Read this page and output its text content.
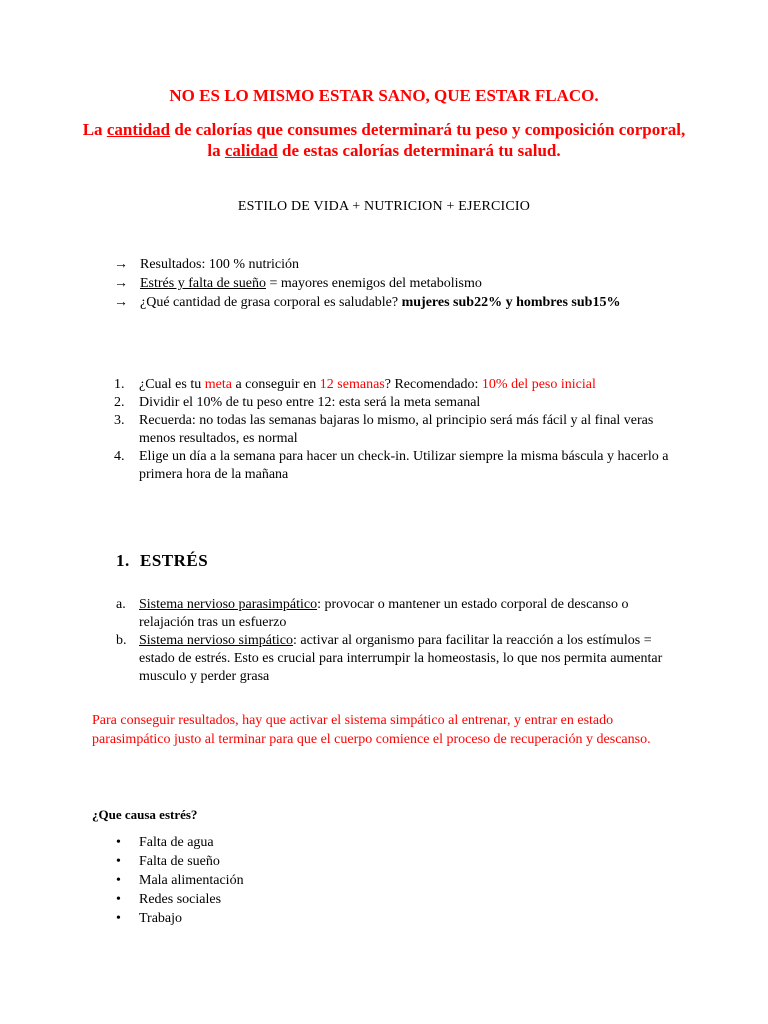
NO ES LO MISMO ESTAR SANO, QUE ESTAR FLACO.
La cantidad de calorías que consumes determinará tu peso y composición corporal, la calidad de estas calorías determinará tu salud.
ESTILO DE VIDA + NUTRICION + EJERCICIO
→ Resultados: 100 % nutrición
→ Estrés y falta de sueño = mayores enemigos del metabolismo
→ ¿Qué cantidad de grasa corporal es saludable? mujeres sub22% y hombres sub15%
1. ¿Cual es tu meta a conseguir en 12 semanas? Recomendado: 10% del peso inicial
2. Dividir el 10% de tu peso entre 12: esta será la meta semanal
3. Recuerda: no todas las semanas bajaras lo mismo, al principio será más fácil y al final veras menos resultados, es normal
4. Elige un día a la semana para hacer un check-in. Utilizar siempre la misma báscula y hacerlo a primera hora de la mañana
1. ESTRÉS
a. Sistema nervioso parasimpático: provocar o mantener un estado corporal de descanso o relajación tras un esfuerzo
b. Sistema nervioso simpático: activar al organismo para facilitar la reacción a los estímulos = estado de estrés. Esto es crucial para interrumpir la homeostasis, lo que nos permita aumentar musculo y perder grasa
Para conseguir resultados, hay que activar el sistema simpático al entrenar, y entrar en estado parasimpático justo al terminar para que el cuerpo comience el proceso de recuperación y descanso.
¿Que causa estrés?
• Falta de agua
• Falta de sueño
• Mala alimentación
• Redes sociales
• Trabajo
